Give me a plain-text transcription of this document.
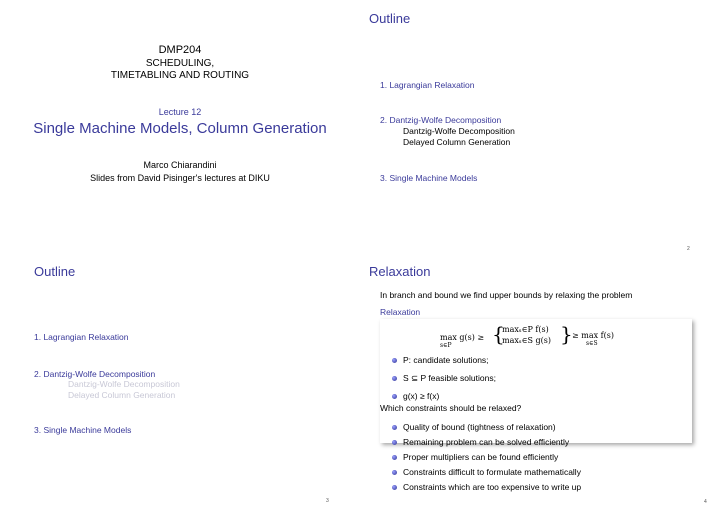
DMP204
SCHEDULING,
TIMETABLING AND ROUTING
Lecture 12
Single Machine Models, Column Generation
Marco Chiarandini
Slides from David Pisinger's lectures at DIKU
Outline
1. Lagrangian Relaxation
2. Dantzig-Wolfe Decomposition
Dantzig-Wolfe Decomposition
Delayed Column Generation
3. Single Machine Models
2
Outline
1. Lagrangian Relaxation
2. Dantzig-Wolfe Decomposition
Dantzig-Wolfe Decomposition
Delayed Column Generation
3. Single Machine Models
3
Relaxation
In branch and bound we find upper bounds by relaxing the problem
Relaxation
max g(s) ≥
s∈P {
maxₛ∈P f(s)
maxₛ∈S g(s) } ≥ max f(s)
s∈S
P: candidate solutions;
S ⊆ P feasible solutions;
g(x) ≥ f(x)
Which constraints should be relaxed?
Quality of bound (tightness of relaxation)
Remaining problem can be solved efficiently
Proper multipliers can be found efficiently
Constraints difficult to formulate mathematically
Constraints which are too expensive to write up
4
